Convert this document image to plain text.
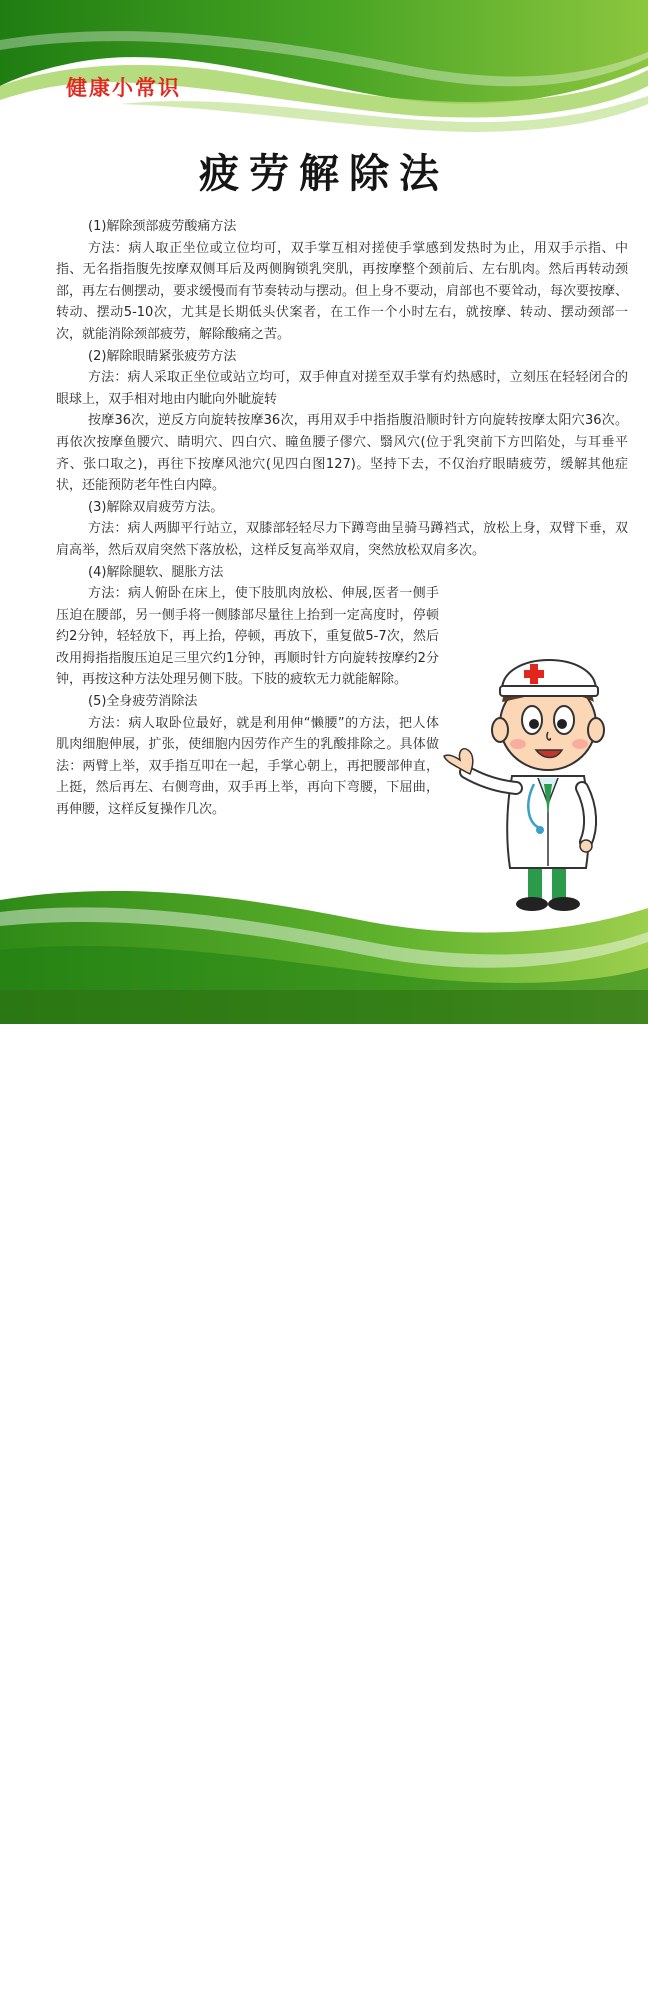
健康小常识
疲劳解除法
(1)解除颈部疲劳酸痛方法

方法：病人取正坐位或立位均可，双手掌互相对搓使手掌感到发热时为止，用双手示指、中指、无名指指腹先按摩双侧耳后及两侧胸锁乳突肌，再按摩整个颈前后、左右肌肉。然后再转动颈部，再左右侧摆动，要求缓慢而有节奏转动与摆动。但上身不要动，肩部也不要耸动，每次要按摩、转动、摆动5-10次，尤其是长期低头伏案者，在工作一个小时左右，就按摩、转动、摆动颈部一次，就能消除颈部疲劳，解除酸痛之苦。

(2)解除眼睛紧张疲劳方法

方法：病人采取正坐位或站立均可，双手伸直对搓至双手掌有灼热感时，立刻压在轻轻闭合的眼球上，双手相对地由内眦向外眦旋转

按摩36次，逆反方向旋转按摩36次，再用双手中指指腹沿顺时针方向旋转按摩太阳穴36次。再依次按摩鱼腰穴、睛明穴、四白穴、瞳鱼腰子僇穴、翳风穴(位于乳突前下方凹陷处，与耳垂平齐、张口取之)，再往下按摩风池穴(见四白图127)。坚持下去，不仅治疗眼睛疲劳，缓解其他症状，还能预防老年性白内障。

(3)解除双肩疲劳方法。

方法：病人两脚平行站立，双膝部轻轻尽力下蹲弯曲呈骑马蹲裆式，放松上身，双臂下垂，双肩高举，然后双肩突然下落放松，这样反复高举双肩，突然放松双肩多次。

(4)解除腿软、腿胀方法

方法：病人俯卧在床上，使下肢肌肉放松、伸展,医者一侧手压迫在腰部，另一侧手将一侧膝部尽量往上抬到一定高度时，停顿约2分钟，轻轻放下，再上抬，停顿，再放下，重复做5-7次，然后改用拇指指腹压迫足三里穴约1分钟，再顺时针方向旋转按摩约2分钟，再按这种方法处理另侧下肢。下肢的疲软无力就能解除。

(5)全身疲劳消除法

方法：病人取卧位最好，就是利用伸“懒腰”的方法，把人体肌肉细胞伸展，扩张，使细胞内因劳作产生的乳酸排除之。具体做法：两臂上举，双手指互叩在一起，手掌心朝上，再把腰部伸直，上挺，然后再左、右侧弯曲，双手再上举，再向下弯腰，下屈曲，再伸腰，这样反复操作几次。

昵享网	www.nipic.cn	ID:25853101 NO:20200222205136369084
